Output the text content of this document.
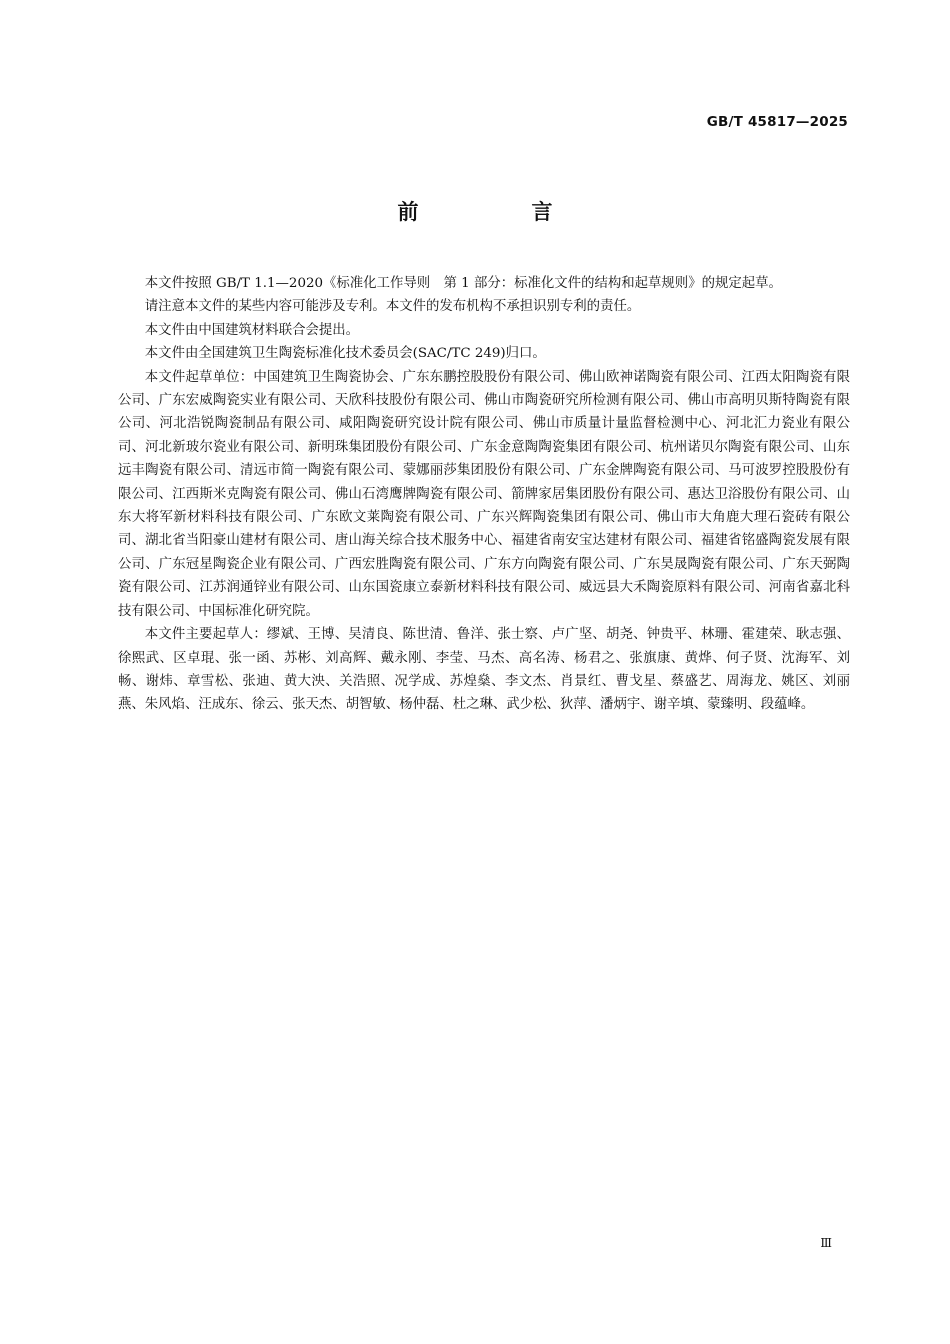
GB/T 45817—2025
前　言

本文件按照 GB/T 1.1—2020《标准化工作导则　第 1 部分：标准化文件的结构和起草规则》的规定起草。

请注意本文件的某些内容可能涉及专利。本文件的发布机构不承担识别专利的责任。

本文件由中国建筑材料联合会提出。

本文件由全国建筑卫生陶瓷标准化技术委员会(SAC/TC 249)归口。

本文件起草单位：中国建筑卫生陶瓷协会、广东东鹏控股股份有限公司、佛山欧神诺陶瓷有限公司、江西太阳陶瓷有限公司、广东宏威陶瓷实业有限公司、天欣科技股份有限公司、佛山市陶瓷研究所检测有限公司、佛山市高明贝斯特陶瓷有限公司、河北浩锐陶瓷制品有限公司、咸阳陶瓷研究设计院有限公司、佛山市质量计量监督检测中心、河北汇力瓷业有限公司、河北新玻尔瓷业有限公司、新明珠集团股份有限公司、广东金意陶陶瓷集团有限公司、杭州诺贝尔陶瓷有限公司、山东远丰陶瓷有限公司、清远市简一陶瓷有限公司、蒙娜丽莎集团股份有限公司、广东金牌陶瓷有限公司、马可波罗控股股份有限公司、江西斯米克陶瓷有限公司、佛山石湾鹰牌陶瓷有限公司、箭牌家居集团股份有限公司、惠达卫浴股份有限公司、山东大将军新材料科技有限公司、广东欧文莱陶瓷有限公司、广东兴辉陶瓷集团有限公司、佛山市大角鹿大理石瓷砖有限公司、湖北省当阳豪山建材有限公司、唐山海关综合技术服务中心、福建省南安宝达建材有限公司、福建省铭盛陶瓷发展有限公司、广东冠星陶瓷企业有限公司、广西宏胜陶瓷有限公司、广东方向陶瓷有限公司、广东昊晟陶瓷有限公司、广东天弼陶瓷有限公司、江苏润通锌业有限公司、山东国瓷康立泰新材料科技有限公司、威远县大禾陶瓷原料有限公司、河南省嘉北科技有限公司、中国标准化研究院。

本文件主要起草人：缪斌、王博、吴清良、陈世清、鲁洋、张士察、卢广坚、胡尧、钟贵平、林珊、霍建荣、耿志强、徐熙武、区卓琨、张一函、苏彬、刘高辉、戴永刚、李莹、马杰、高名涛、杨君之、张旗康、黄烨、何子贤、沈海军、刘畅、谢炜、章雪松、张迪、黄大泱、关浩照、况学成、苏煌燊、李文杰、肖景红、曹戈星、蔡盛艺、周海龙、姚区、刘丽燕、朱风焰、汪成东、徐云、张天杰、胡智敏、杨仲磊、杜之琳、武少松、狄萍、潘炳宇、谢辛填、蒙臻明、段蕴峰。

Ⅲ
